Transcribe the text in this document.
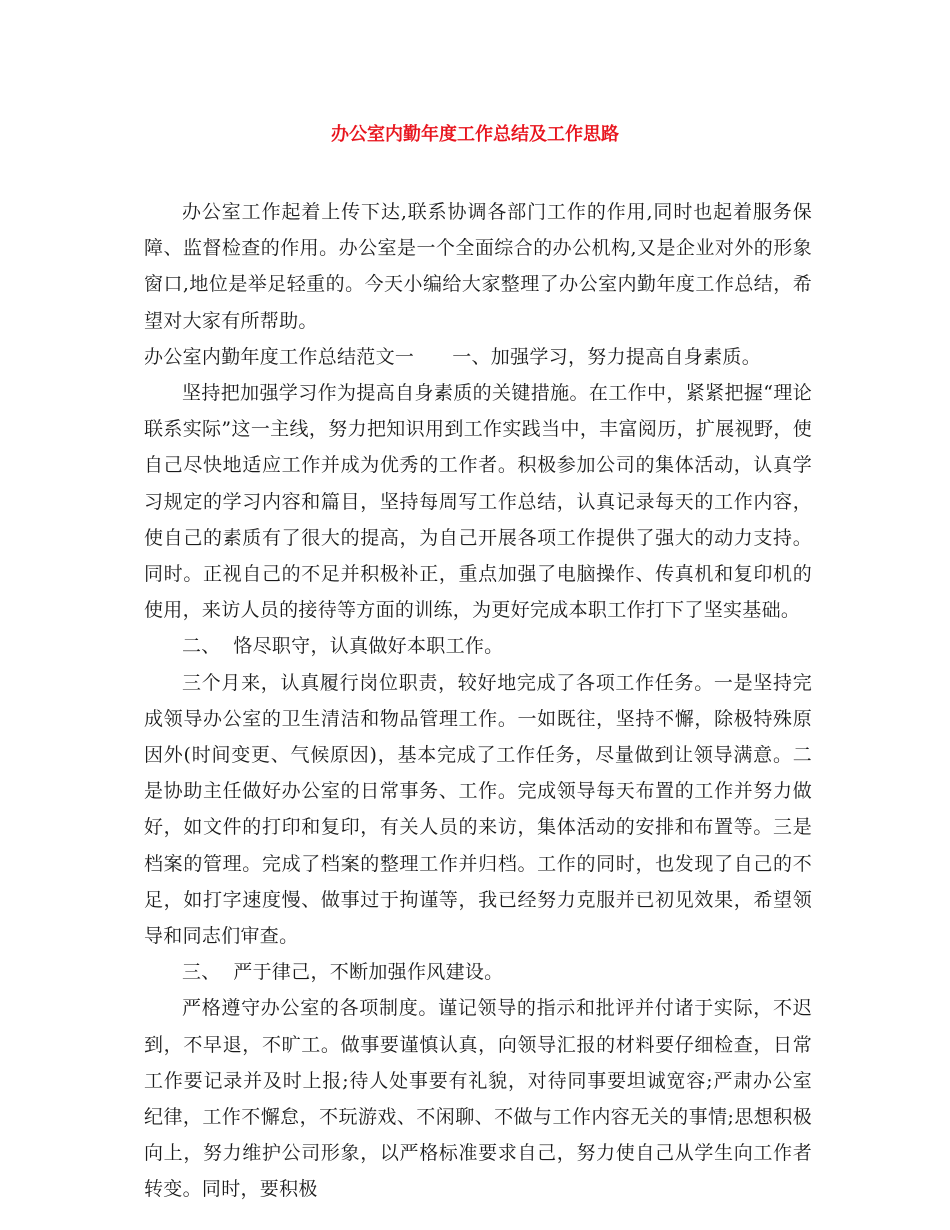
办公室内勤年度工作总结及工作思路

办公室工作起着上传下达,联系协调各部门工作的作用,同时也起着服务保障、监督检查的作用。办公室是一个全面综合的办公机构,又是企业对外的形象窗口,地位是举足轻重的。今天小编给大家整理了办公室内勤年度工作总结，希望对大家有所帮助。

办公室内勤年度工作总结范文一 一、加强学习，努力提高自身素质。

坚持把加强学习作为提高自身素质的关键措施。在工作中，紧紧把握“理论联系实际”这一主线，努力把知识用到工作实践当中，丰富阅历，扩展视野，使自己尽快地适应工作并成为优秀的工作者。积极参加公司的集体活动，认真学习规定的学习内容和篇目，坚持每周写工作总结，认真记录每天的工作内容，使自己的素质有了很大的提高，为自己开展各项工作提供了强大的动力支持。同时。正视自己的不足并积极补正，重点加强了电脑操作、传真机和复印机的使用，来访人员的接待等方面的训练，为更好完成本职工作打下了坚实基础。

二、  恪尽职守，认真做好本职工作。

三个月来，认真履行岗位职责，较好地完成了各项工作任务。一是坚持完成领导办公室的卫生清洁和物品管理工作。一如既往，坚持不懈，除极特殊原因外(时间变更、气候原因)，基本完成了工作任务，尽量做到让领导满意。二是协助主任做好办公室的日常事务、工作。完成领导每天布置的工作并努力做好，如文件的打印和复印，有关人员的来访，集体活动的安排和布置等。三是档案的管理。完成了档案的整理工作并归档。工作的同时，也发现了自己的不足，如打字速度慢、做事过于拘谨等，我已经努力克服并已初见效果，希望领导和同志们审查。

三、  严于律己，不断加强作风建设。

严格遵守办公室的各项制度。谨记领导的指示和批评并付诸于实际，不迟到，不早退，不旷工。做事要谨慎认真，向领导汇报的材料要仔细检查，日常工作要记录并及时上报;待人处事要有礼貌，对待同事要坦诚宽容;严肃办公室纪律，工作不懈怠，不玩游戏、不闲聊、不做与工作内容无关的事情;思想积极向上，努力维护公司形象，以严格标准要求自己，努力使自己从学生向工作者转变。同时，要积极
